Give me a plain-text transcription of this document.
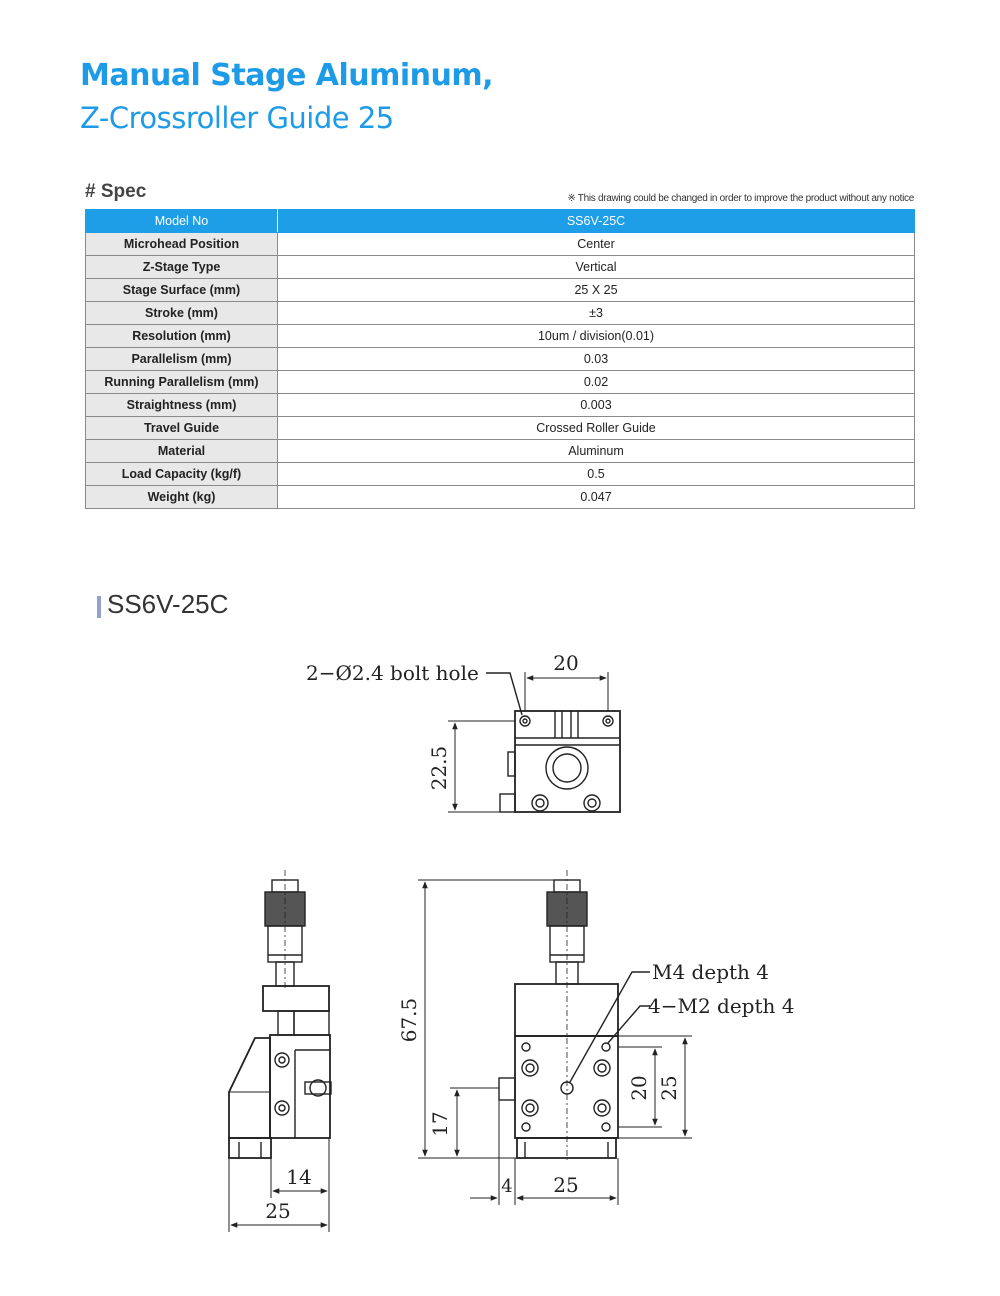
Manual Stage Aluminum,
Z-Crossroller Guide 25
# Spec	※ This drawing could be changed in order to improve the product without any notice
Model No	SS6V-25C
Microhead Position	Center
Z-Stage Type	Vertical
Stage Surface (mm)	25 X 25
Stroke (mm)	±3
Resolution (mm)	10um / division(0.01)
Parallelism (mm)	0.03
Running Parallelism (mm)	0.02
Straightness (mm)	0.003
Travel Guide	Crossed Roller Guide
Material	Aluminum
Load Capacity (kg/f)	0.5
Weight (kg)	0.047
SS6V-25C
2−Ø2.4 bolt hole	20
22.5
14
25
67.5
17
M4 depth 4
4−M2 depth 4
20 25
4 25
